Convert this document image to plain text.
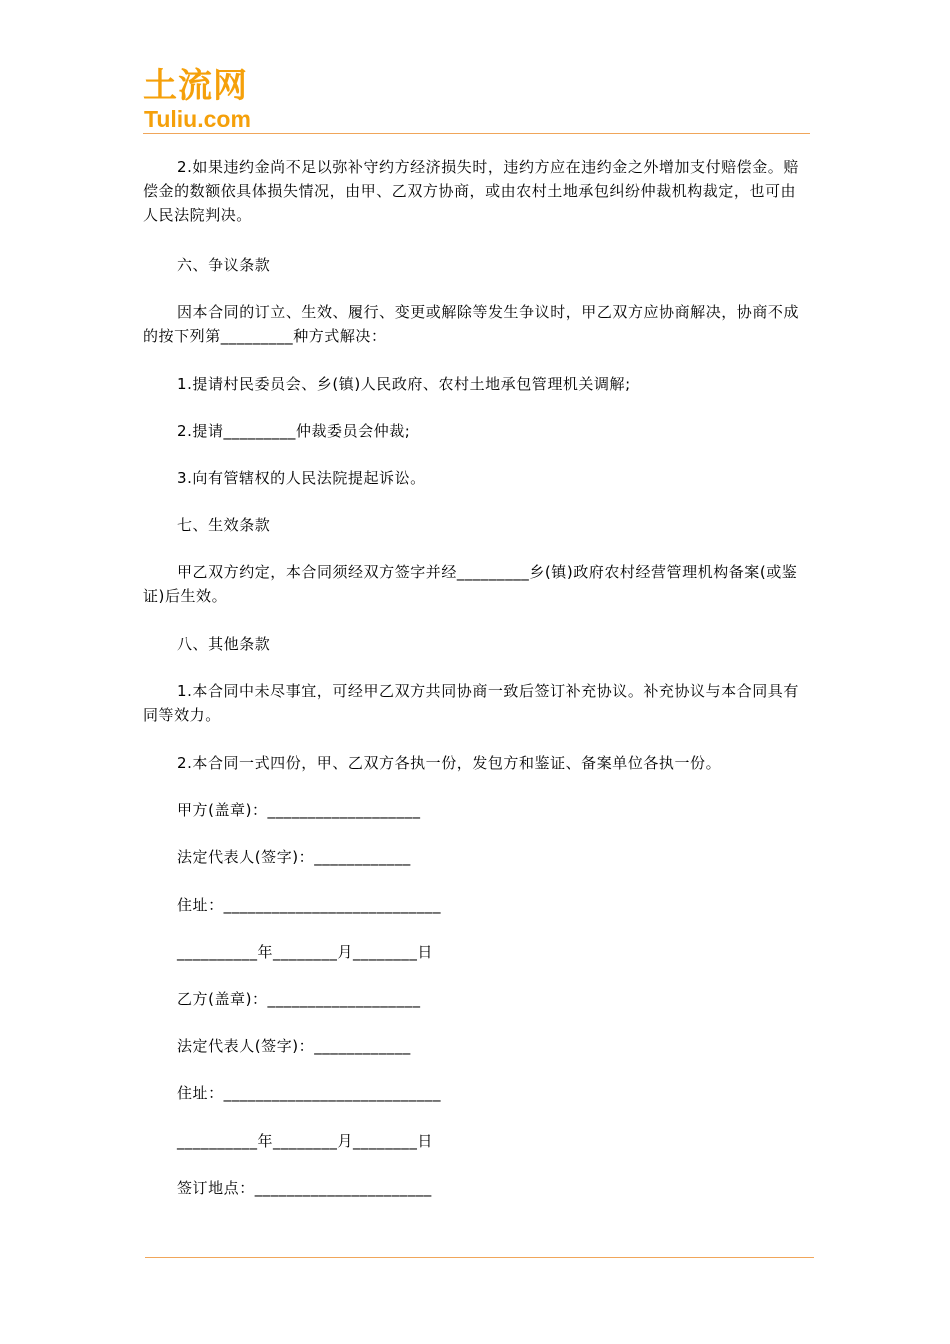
土流网
Tuliu.com
2.如果违约金尚不足以弥补守约方经济损失时，违约方应在违约金之外增加支付赔偿金。赔偿金的数额依具体损失情况，由甲、乙双方协商，或由农村土地承包纠纷仲裁机构裁定，也可由人民法院判决。
六、争议条款
因本合同的订立、生效、履行、变更或解除等发生争议时，甲乙双方应协商解决，协商不成的按下列第_________种方式解决：
1.提请村民委员会、乡(镇)人民政府、农村土地承包管理机关调解;
2.提请_________仲裁委员会仲裁;
3.向有管辖权的人民法院提起诉讼。
七、生效条款
甲乙双方约定，本合同须经双方签字并经_________乡(镇)政府农村经营管理机构备案(或鉴证)后生效。
八、其他条款
1.本合同中未尽事宜，可经甲乙双方共同协商一致后签订补充协议。补充协议与本合同具有同等效力。
2.本合同一式四份，甲、乙双方各执一份，发包方和鉴证、备案单位各执一份。
甲方(盖章)：___________________
法定代表人(签字)：____________
住址：___________________________
__________年________月________日
乙方(盖章)：___________________
法定代表人(签字)：____________
住址：___________________________
__________年________月________日
签订地点：______________________
